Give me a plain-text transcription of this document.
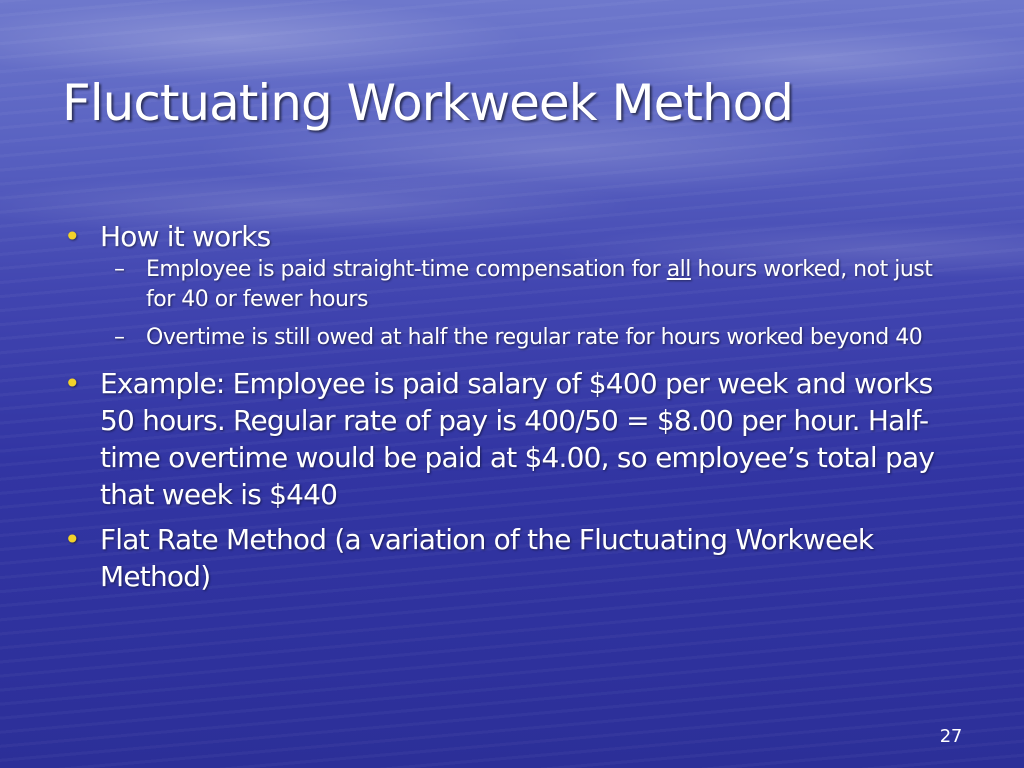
Fluctuating Workweek Method
• How it works
– Employee is paid straight-time compensation for all hours worked, not just for 40 or fewer hours
– Overtime is still owed at half the regular rate for hours worked beyond 40
• Example: Employee is paid salary of $400 per week and works 50 hours. Regular rate of pay is 400/50 = $8.00 per hour. Half-time overtime would be paid at $4.00, so employee’s total pay that week is $440
• Flat Rate Method (a variation of the Fluctuating Workweek Method)
27
